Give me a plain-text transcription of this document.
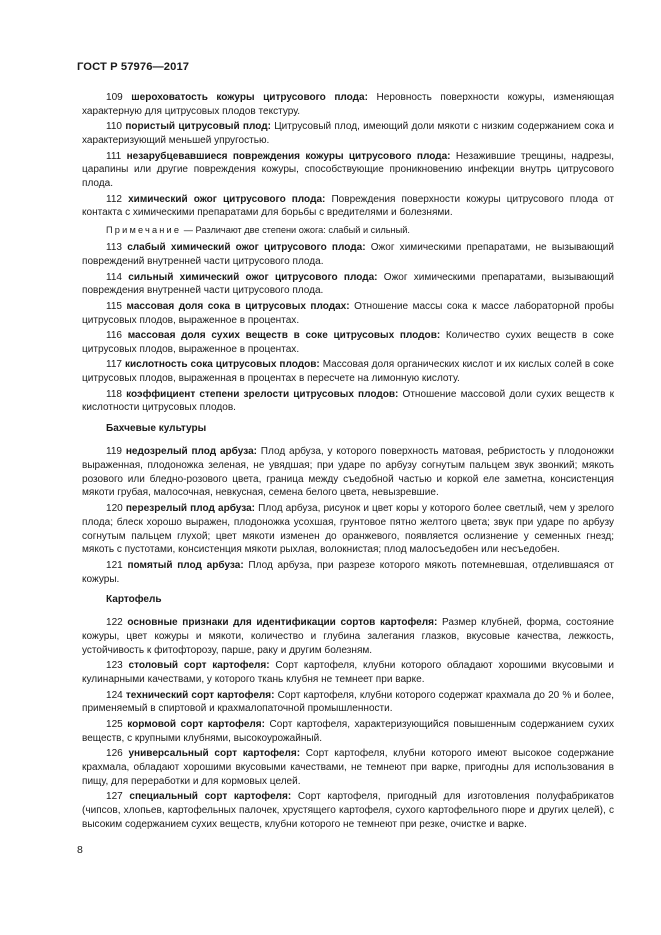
ГОСТ Р 57976—2017

109 шероховатость кожуры цитрусового плода: Неровность поверхности кожуры, изменяющая характерную для цитрусовых плодов текстуру.

110 пористый цитрусовый плод: Цитрусовый плод, имеющий доли мякоти с низким содержанием сока и характеризующий меньшей упругостью.

111 незарубцевавшиеся повреждения кожуры цитрусового плода: Незажившие трещины, надрезы, царапины или другие повреждения кожуры, способствующие проникновению инфекции внутрь цитрусового плода.

112 химический ожог цитрусового плода: Повреждения поверхности кожуры цитрусового плода от контакта с химическими препаратами для борьбы с вредителями и болезнями.

Примечание — Различают две степени ожога: слабый и сильный.

113 слабый химический ожог цитрусового плода: Ожог химическими препаратами, не вызывающий повреждений внутренней части цитрусового плода.

114 сильный химический ожог цитрусового плода: Ожог химическими препаратами, вызывающий повреждения внутренней части цитрусового плода.

115 массовая доля сока в цитрусовых плодах: Отношение массы сока к массе лабораторной пробы цитрусовых плодов, выраженное в процентах.

116 массовая доля сухих веществ в соке цитрусовых плодов: Количество сухих веществ в соке цитрусовых плодов, выраженное в процентах.

117 кислотность сока цитрусовых плодов: Массовая доля органических кислот и их кислых солей в соке цитрусовых плодов, выраженная в процентах в пересчете на лимонную кислоту.

118 коэффициент степени зрелости цитрусовых плодов: Отношение массовой доли сухих веществ к кислотности цитрусовых плодов.

Бахчевые культуры

119 недозрелый плод арбуза: Плод арбуза, у которого поверхность матовая, ребристость у плодоножки выраженная, плодоножка зеленая, не увядшая; при ударе по арбузу согнутым пальцем звук звонкий; мякоть розового или бледно-розового цвета, граница между съедобной частью и коркой еле заметна, консистенция мякоти грубая, малосочная, невкусная, семена белого цвета, невызревшие.

120 перезрелый плод арбуза: Плод арбуза, рисунок и цвет коры у которого более светлый, чем у зрелого плода; блеск хорошо выражен, плодоножка усохшая, грунтовое пятно желтого цвета; звук при ударе по арбузу согнутым пальцем глухой; цвет мякоти изменен до оранжевого, появляется ослизнение у семенных гнезд; мякоть с пустотами, консистенция мякоти рыхлая, волокнистая; плод малосъедобен или несъедобен.

121 помятый плод арбуза: Плод арбуза, при разрезе которого мякоть потемневшая, отделившаяся от кожуры.

Картофель

122 основные признаки для идентификации сортов картофеля: Размер клубней, форма, состояние кожуры, цвет кожуры и мякоти, количество и глубина залегания глазков, вкусовые качества, лежкость, устойчивость к фитофторозу, парше, раку и другим болезням.

123 столовый сорт картофеля: Сорт картофеля, клубни которого обладают хорошими вкусовыми и кулинарными качествами, у которого ткань клубня не темнеет при варке.

124 технический сорт картофеля: Сорт картофеля, клубни которого содержат крахмала до 20 % и более, применяемый в спиртовой и крахмалопаточной промышленности.

125 кормовой сорт картофеля: Сорт картофеля, характеризующийся повышенным содержанием сухих веществ, с крупными клубнями, высокоурожайный.

126 универсальный сорт картофеля: Сорт картофеля, клубни которого имеют высокое содержание крахмала, обладают хорошими вкусовыми качествами, не темнеют при варке, пригодны для использования в пищу, для переработки и для кормовых целей.

127 специальный сорт картофеля: Сорт картофеля, пригодный для изготовления полуфабрикатов (чипсов, хлопьев, картофельных палочек, хрустящего картофеля, сухого картофельного пюре и других целей), с высоким содержанием сухих веществ, клубни которого не темнеют при резке, очистке и варке.

8
